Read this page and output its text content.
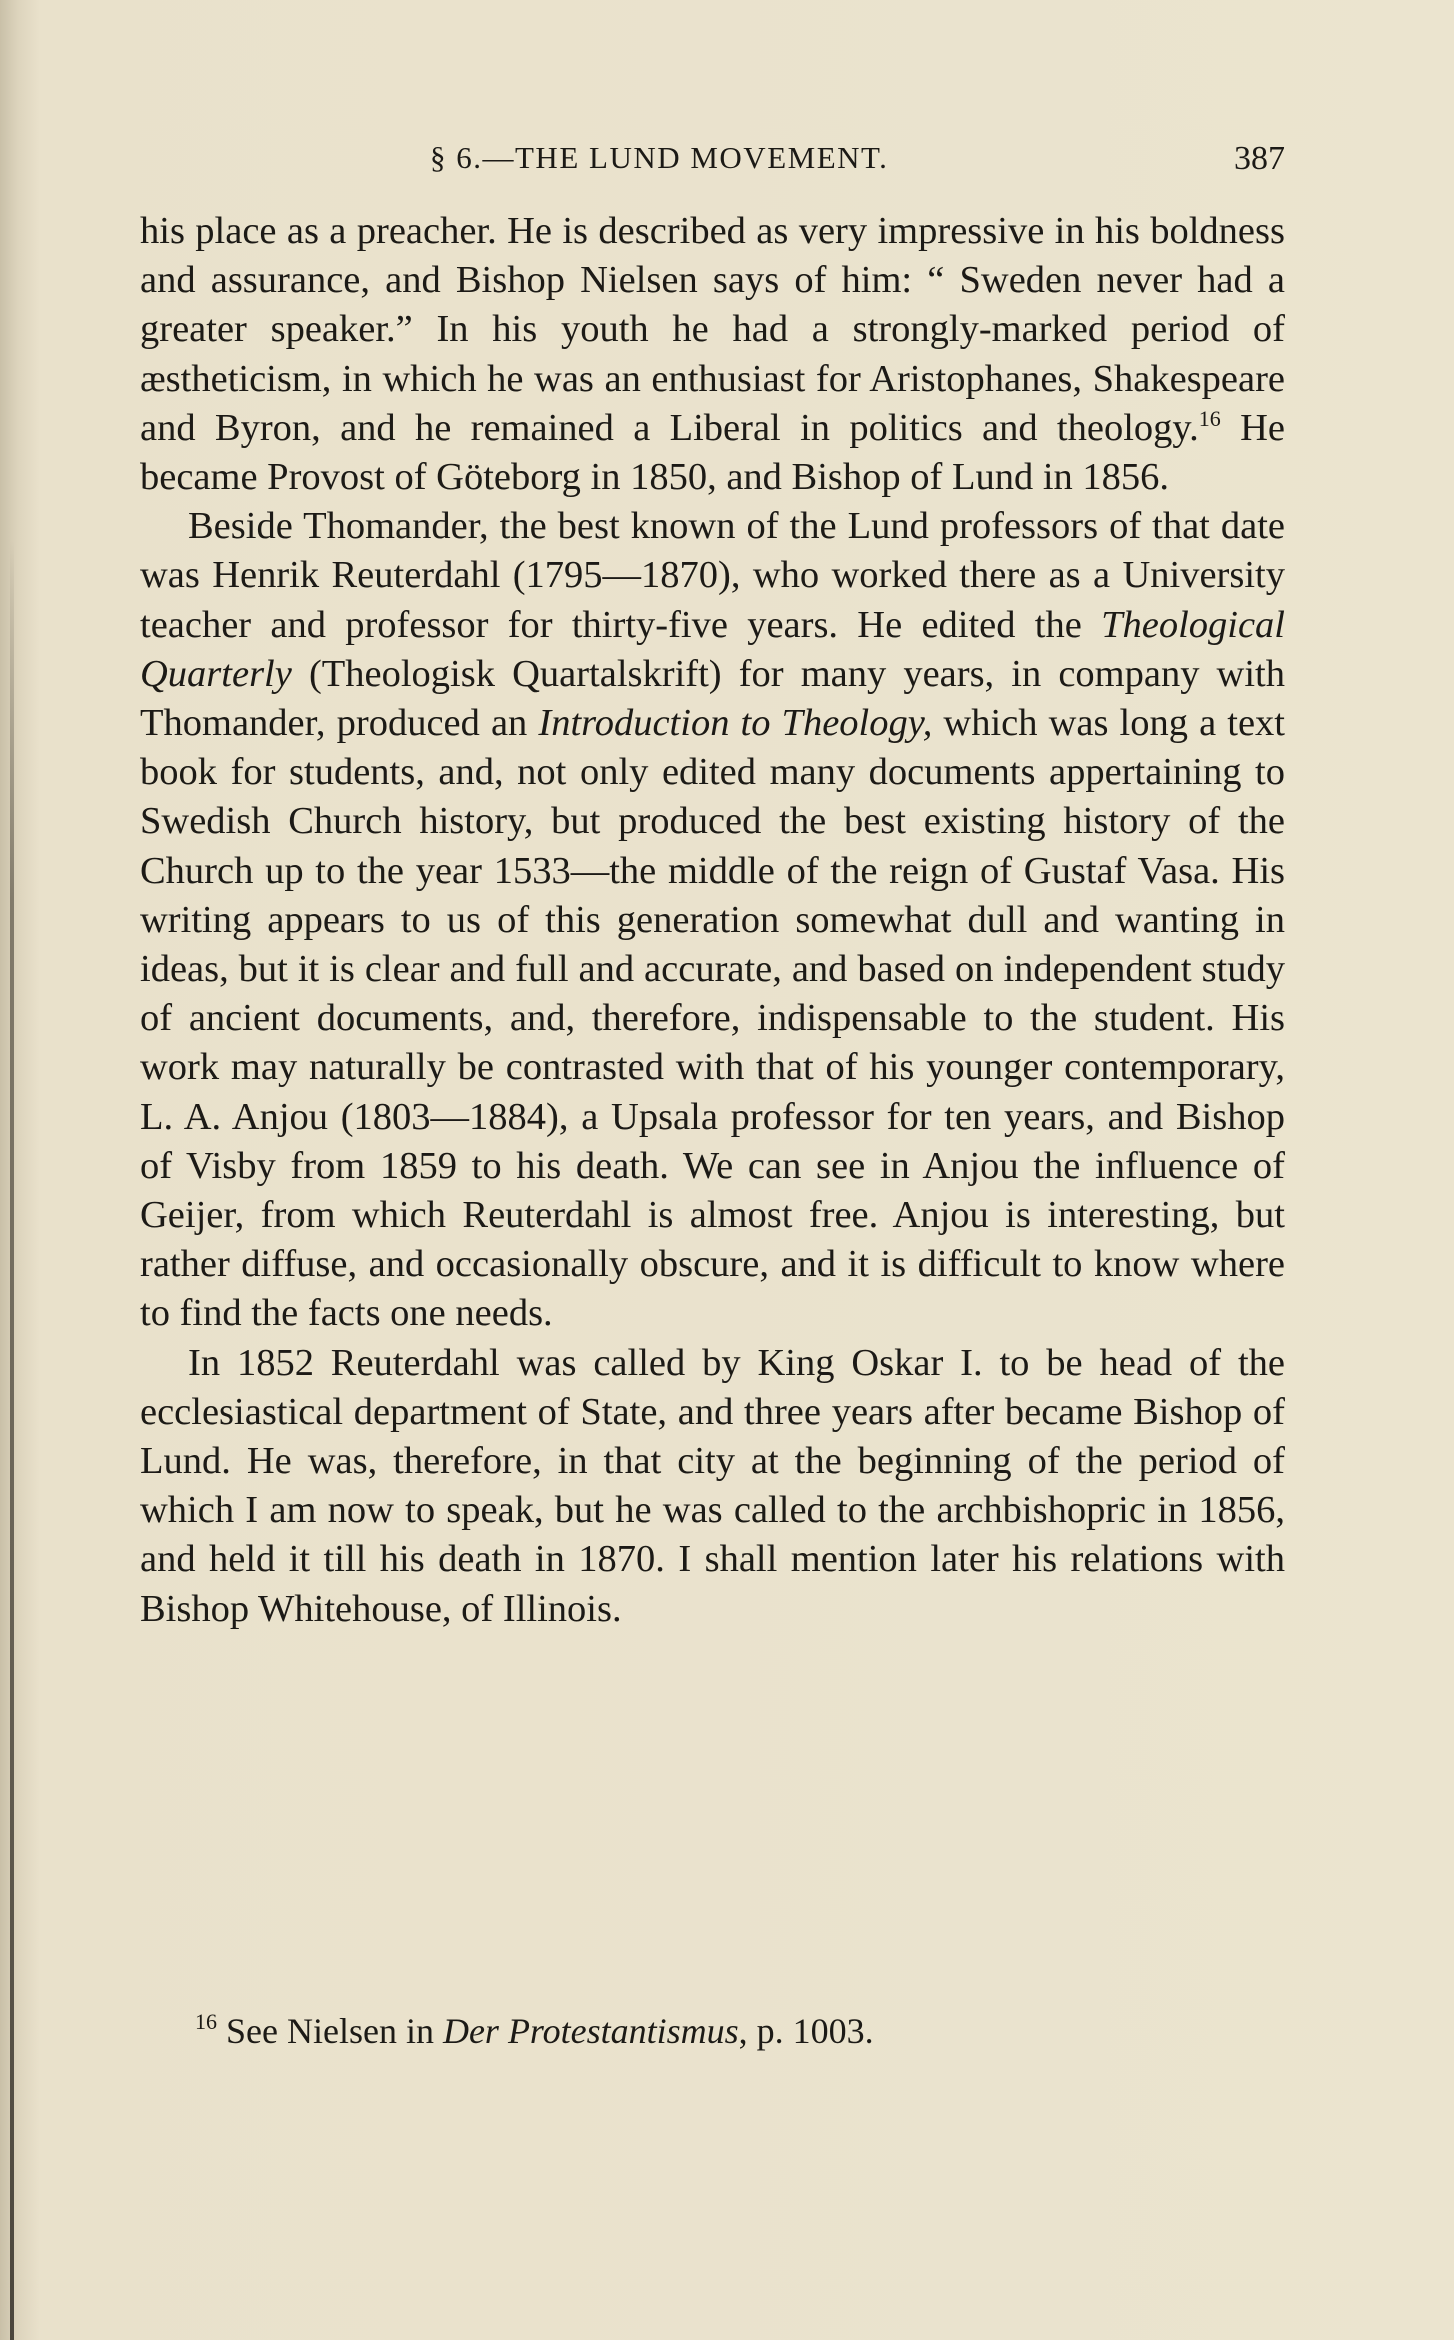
§ 6.—THE LUND MOVEMENT.	387

his place as a preacher. He is described as very impressive in his boldness and assurance, and Bishop Nielsen says of him: “ Sweden never had a greater speaker.” In his youth he had a strongly-marked period of æstheticism, in which he was an enthusiast for Aristophanes, Shakespeare and Byron, and he remained a Liberal in politics and theology.$^{16}$ He became Provost of Göteborg in 1850, and Bishop of Lund in 1856.

Beside Thomander, the best known of the Lund professors of that date was Henrik Reuterdahl (1795—1870), who worked there as a University teacher and professor for thirty-five years. He edited the Theological Quarterly (Theologisk Quartalskrift) for many years, in company with Thomander, produced an Introduction to Theology, which was long a text book for students, and, not only edited many documents appertaining to Swedish Church history, but produced the best existing history of the Church up to the year 1533—the middle of the reign of Gustaf Vasa. His writing appears to us of this generation somewhat dull and wanting in ideas, but it is clear and full and accurate, and based on independent study of ancient documents, and, therefore, indispensable to the student. His work may naturally be contrasted with that of his younger contemporary, L. A. Anjou (1803—1884), a Upsala professor for ten years, and Bishop of Visby from 1859 to his death. We can see in Anjou the influence of Geijer, from which Reuterdahl is almost free. Anjou is interesting, but rather diffuse, and occasionally obscure, and it is difficult to know where to find the facts one needs.

In 1852 Reuterdahl was called by King Oskar I. to be head of the ecclesiastical department of State, and three years after became Bishop of Lund. He was, therefore, in that city at the beginning of the period of which I am now to speak, but he was called to the archbishopric in 1856, and held it till his death in 1870. I shall mention later his relations with Bishop Whitehouse, of Illinois.

$^{16}$ See Nielsen in Der Protestantismus, p. 1003.
